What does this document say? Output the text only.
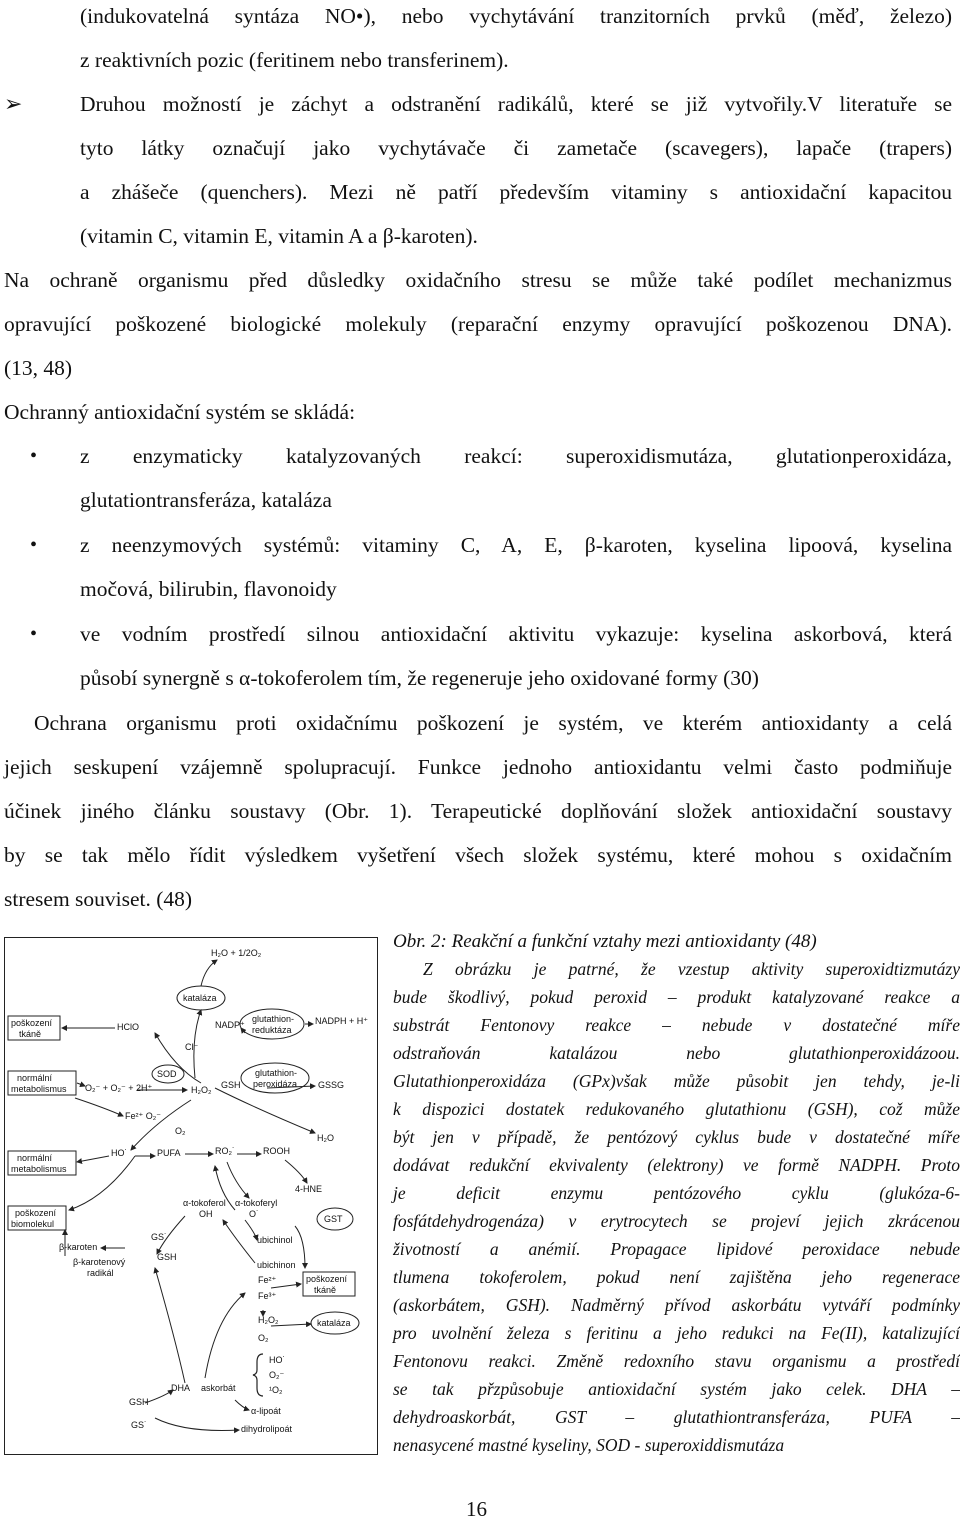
(indukovatelná syntáza NO•), nebo vychytávání tranzitorních prvků (měď, železo)
z reaktivních pozic (feritinem nebo transferinem).
➢	Druhou možností je záchyt a odstranění radikálů, které se již vytvořily.V literatuře se
tyto látky označují jako vychytávače či zametače (scavegers), lapače (trapers)
a zhášeče (quenchers). Mezi ně patří především vitaminy s antioxidační kapacitou
(vitamin C, vitamin E, vitamin A a β-karoten).
Na ochraně organismu před důsledky oxidačního stresu se může také podílet mechanizmus
opravující poškozené biologické molekuly (reparační enzymy opravující poškozenou DNA).
(13, 48)
Ochranný antioxidační systém se skládá:
• z enzymaticky katalyzovaných reakcí: superoxidismutáza, glutationperoxidáza,
glutationtransferáza, kataláza
• z neenzymových systémů: vitaminy C, A, E, β-karoten, kyselina lipoová, kyselina
močová, bilirubin, flavonoidy
• ve vodním prostředí silnou antioxidační aktivitu vykazuje: kyselina askorbová, která
působí synergně s α-tokoferolem tím, že regeneruje jeho oxidované formy (30)
Ochrana organismu proti oxidačnímu poškození je systém, ve kterém antioxidanty a celá
jejich seskupení vzájemně spolupracují. Funkce jednoho antioxidantu velmi často podmiňuje
účinek jiného článku soustavy (Obr. 1). Terapeutické doplňování složek antioxidační soustavy
by se tak mělo řídit výsledkem vyšetření všech složek systému, které mohou s oxidačním
stresem souviset. (48)
poškození
tkáně
normální
metabolismus
normální
metabolismus
poškození
biomolekul
kataláza
glutathion-
reduktáza
SOD	glutathion-
peroxidáza
GST
kataláza
poškození
tkáně
H₂O + 1/2O₂
HClO	NADP⁺	NADPH + H⁺
Cl⁻
O₂⁻ + O₂⁻ + 2H⁺	H₂O₂ GSH	GSSG
Fe²⁺ O₂⁻
O₂
H₂O
HO˙	PUFA	RO₂˙	ROOH
4-HNE
α-tokoferol
OH
α-tokoferyl
O˙
GS˙
GSH
ubichinol
ubichinon
β-karoten
β-karotenový
radikál
Fe²⁺
Fe³⁺
H₂O₂
O₂
HO˙
O₂⁻
¹O₂
DHA askorbát
α-lipoát
dihydrolipoát
GSH
GS˙
Obr. 2: Reakční a funkční vztahy mezi antioxidanty (48)
Z obrázku je patrné, že vzestup aktivity superoxidtizmutázy
bude škodlivý, pokud peroxid – produkt katalyzované reakce a
substrát Fentonovy reakce – nebude v dostatečné míře
odstraňován katalázou nebo glutathionperoxidázoou.
Glutathionperoxidáza (GPx)však může působit jen tehdy, je-li
k dispozici dostatek redukovaného glutathionu (GSH), což může
být jen v případě, že pentózový cyklus bude v dostatečné míře
dodávat redukční ekvivalenty (elektrony) ve formě NADPH. Proto
je deficit enzymu pentózového cyklu (glukóza-6-
fosfátdehydrogenáza) v erytrocytech se projeví jejich zkrácenou
životností a anémií. Propagace lipidové peroxidace nebude
tlumena tokoferolem, pokud není zajištěna jeho regenerace
(askorbátem, GSH). Nadměrný přívod askorbátu vytváří podmínky
pro uvolnění železa s feritinu a jeho redukci na Fe(II), katalizující
Fentonovu reakci. Změně redoxního stavu organismu a prostředí
se tak přzpůsobuje antioxidační systém jako celek. DHA –
dehydroaskorbát, GST – glutathiontransferáza, PUFA –
nenasycené mastné kyseliny, SOD - superoxiddismutáza
16
